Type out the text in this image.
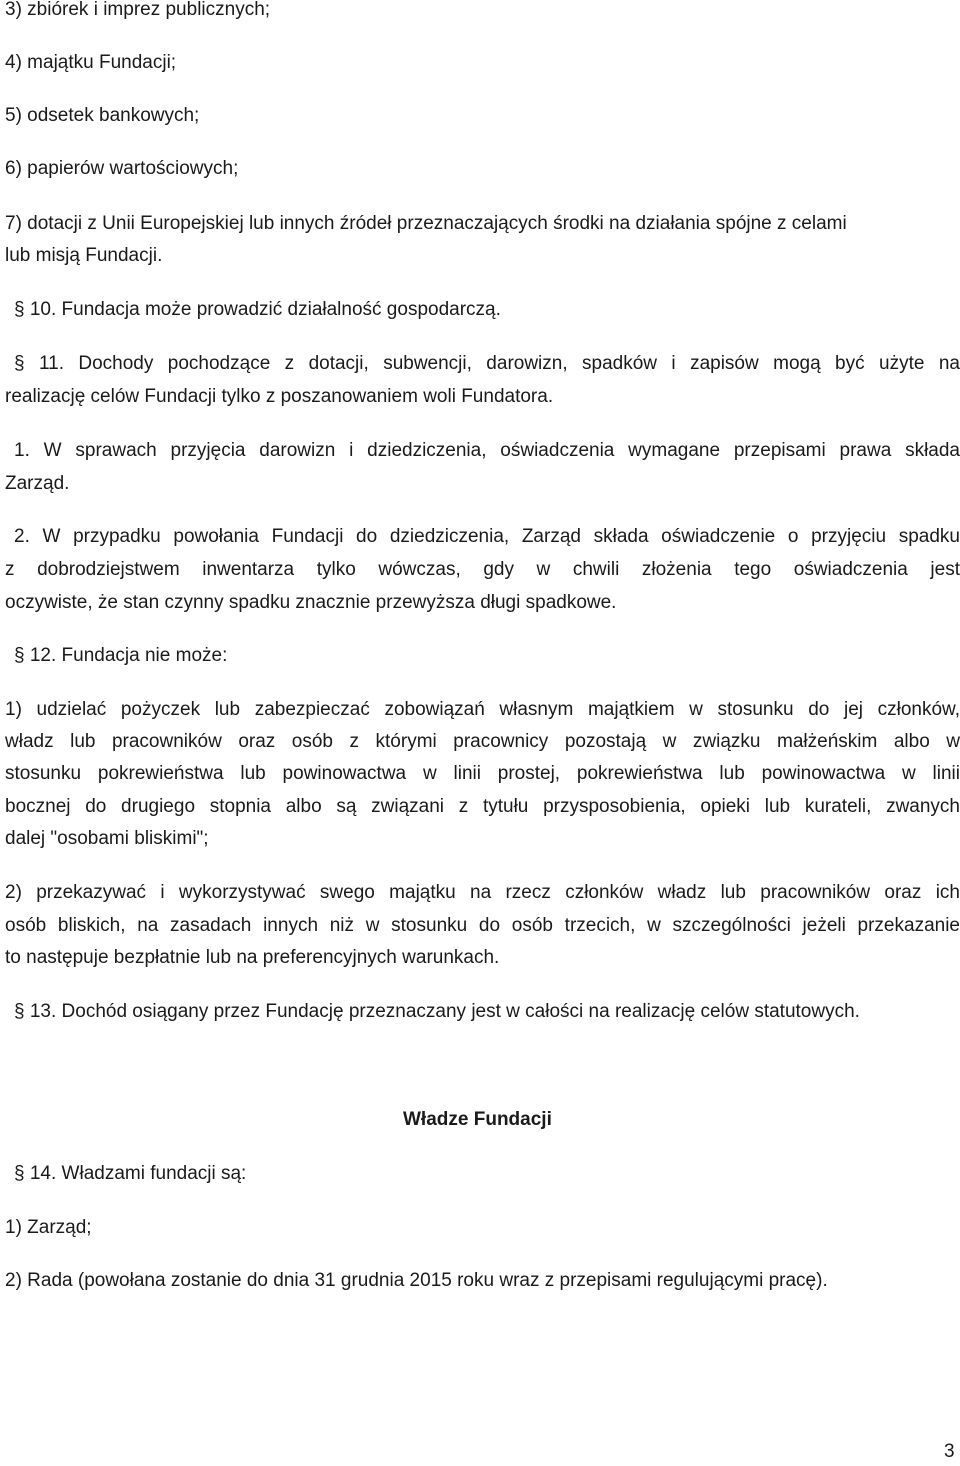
3) zbiórek i imprez publicznych;
4) majątku Fundacji;
5) odsetek bankowych;
6) papierów wartościowych;
7) dotacji z Unii Europejskiej lub innych źródeł przeznaczających środki na działania spójne z celami
lub misją Fundacji.
§ 10. Fundacja może prowadzić działalność gospodarczą.
§ 11. Dochody pochodzące z dotacji, subwencji, darowizn, spadków i zapisów mogą być użyte na
realizację celów Fundacji tylko z poszanowaniem woli Fundatora.
1. W sprawach przyjęcia darowizn i dziedziczenia, oświadczenia wymagane przepisami prawa składa
Zarząd.
2. W przypadku powołania Fundacji do dziedziczenia, Zarząd składa oświadczenie o przyjęciu spadku
z dobrodziejstwem inwentarza tylko wówczas, gdy w chwili złożenia tego oświadczenia jest
oczywiste, że stan czynny spadku znacznie przewyższa długi spadkowe.
§ 12. Fundacja nie może:
1) udzielać pożyczek lub zabezpieczać zobowiązań własnym majątkiem w stosunku do jej członków,
władz lub pracowników oraz osób z którymi pracownicy pozostają w związku małżeńskim albo w
stosunku pokrewieństwa lub powinowactwa w linii prostej, pokrewieństwa lub powinowactwa w linii
bocznej do drugiego stopnia albo są związani z tytułu przysposobienia, opieki lub kurateli, zwanych
dalej "osobami bliskimi";
2) przekazywać i wykorzystywać swego majątku na rzecz członków władz lub pracowników oraz ich
osób bliskich, na zasadach innych niż w stosunku do osób trzecich, w szczególności jeżeli przekazanie
to następuje bezpłatnie lub na preferencyjnych warunkach.
§ 13. Dochód osiągany przez Fundację przeznaczany jest w całości na realizację celów statutowych.
Władze Fundacji
§ 14. Władzami fundacji są:
1) Zarząd;
2) Rada (powołana zostanie do dnia 31 grudnia 2015 roku wraz z przepisami regulującymi pracę).
3
